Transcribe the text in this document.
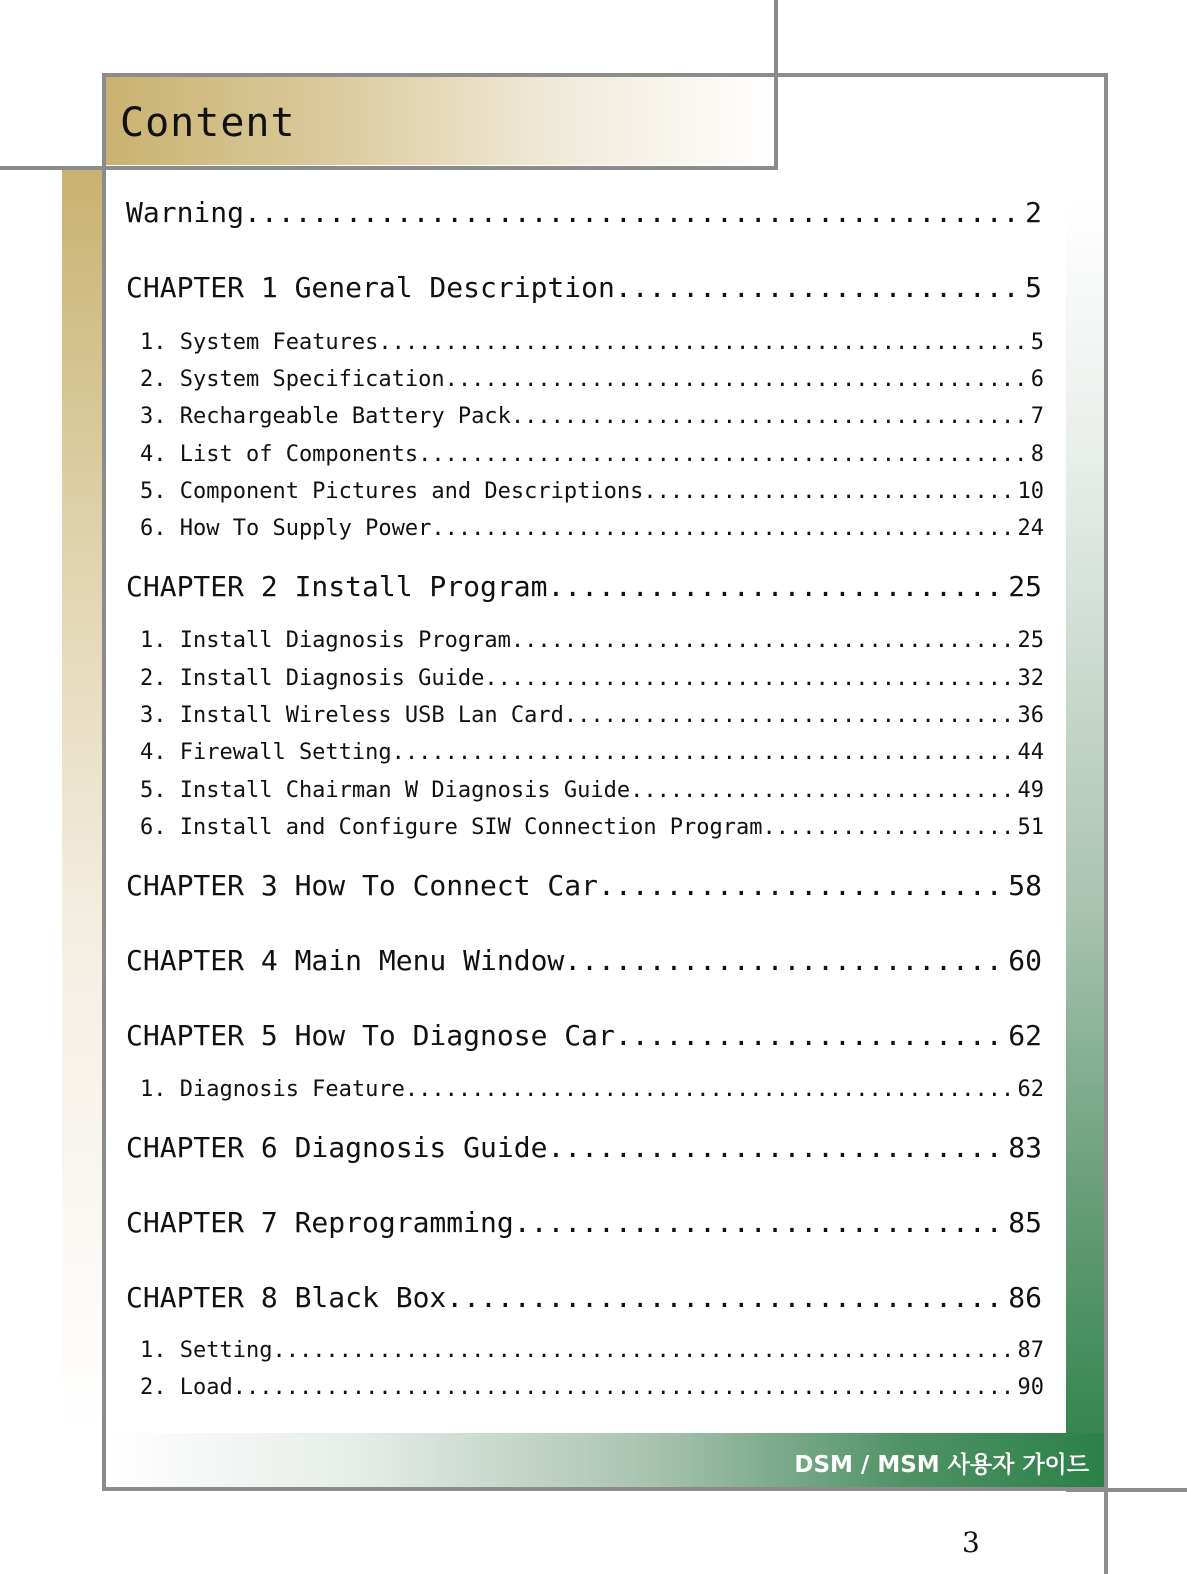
Content
Warning .....	2
CHAPTER 1 General Description .....	5
1. System Features .....	5
2. System Specification .....	6
3. Rechargeable Battery Pack .....	7
4. List of Components .....	8
5. Component Pictures and Descriptions .....	10
6. How To Supply Power .....	24
CHAPTER 2 Install Program .....	25
1. Install Diagnosis Program .....	25
2. Install Diagnosis Guide .....	32
3. Install Wireless USB Lan Card .....	36
4. Firewall Setting .....	44
5. Install Chairman W Diagnosis Guide .....	49
6. Install and Configure SIW Connection Program .....	51
CHAPTER 3 How To Connect Car .....	58
CHAPTER 4 Main Menu Window .....	60
CHAPTER 5 How To Diagnose Car .....	62
1. Diagnosis Feature .....	62
CHAPTER 6 Diagnosis Guide .....	83
CHAPTER 7 Reprogramming .....	85
CHAPTER 8 Black Box .....	86
1. Setting .....	87
2. Load .....	90
DSM / MSM 사용자 가이드
3
